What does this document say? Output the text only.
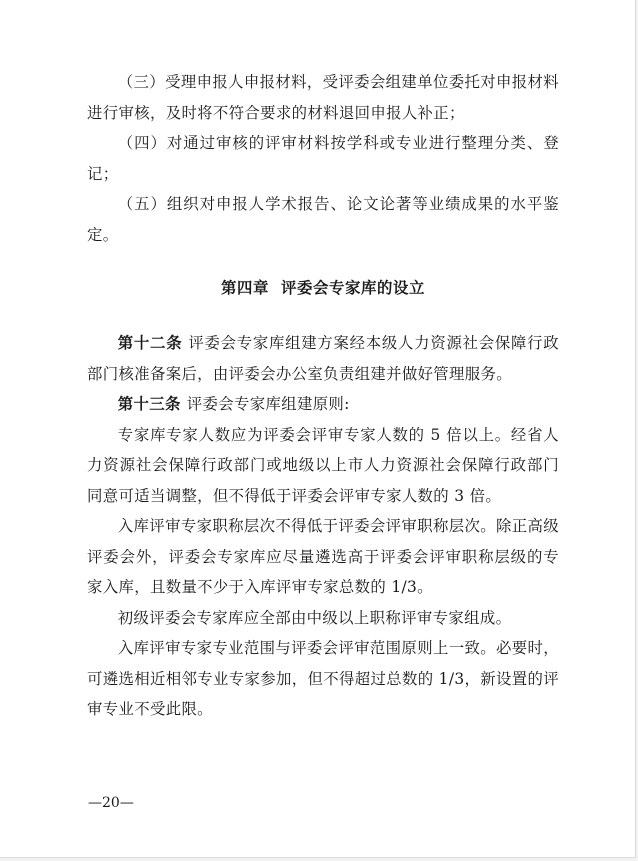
（三）受理申报人申报材料，受评委会组建单位委托对申报材料进行审核，及时将不符合要求的材料退回申报人补正；

（四）对通过审核的评审材料按学科或专业进行整理分类、登记；

（五）组织对申报人学术报告、论文论著等业绩成果的水平鉴定。

第四章 评委会专家库的设立

第十二条 评委会专家库组建方案经本级人力资源社会保障行政部门核准备案后，由评委会办公室负责组建并做好管理服务。

第十三条 评委会专家库组建原则:

专家库专家人数应为评委会评审专家人数的 5 倍以上。经省人力资源社会保障行政部门或地级以上市人力资源社会保障行政部门同意可适当调整，但不得低于评委会评审专家人数的 3 倍。

入库评审专家职称层次不得低于评委会评审职称层次。除正高级评委会外，评委会专家库应尽量遴选高于评委会评审职称层级的专家入库，且数量不少于入库评审专家总数的 1/3。

初级评委会专家库应全部由中级以上职称评审专家组成。

入库评审专家专业范围与评委会评审范围原则上一致。必要时，可遴选相近相邻专业专家参加，但不得超过总数的 1/3，新设置的评审专业不受此限。

—20—
